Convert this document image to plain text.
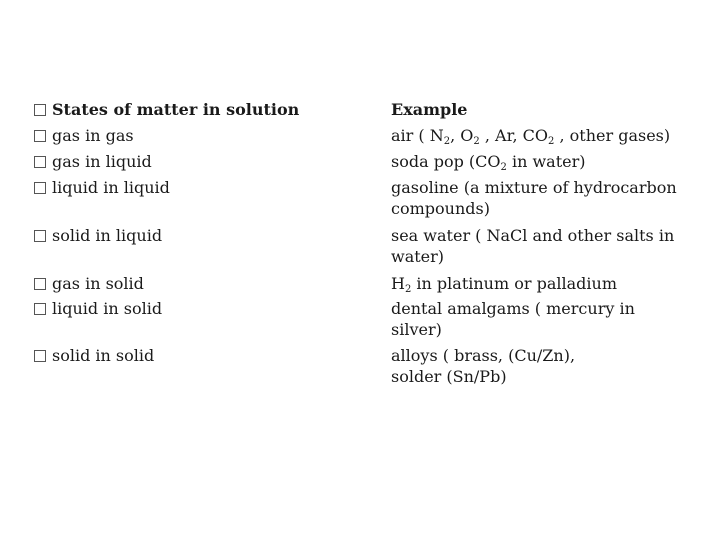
States of matter in solution
gas in gas
gas in liquid
liquid in liquid
solid in liquid
gas in solid
liquid in solid
solid in solid
Example
air ( $N_2$, $O_2$ , Ar, $CO_2$ , other gases)
soda pop ($CO_2$ in water)
gasoline (a mixture of hydrocarbon
compounds)
sea water ( NaCl and other salts in
water)
$H_2$ in platinum or palladium
dental amalgams ( mercury in
silver)
alloys ( brass, (Cu/Zn),
solder (Sn/Pb)
